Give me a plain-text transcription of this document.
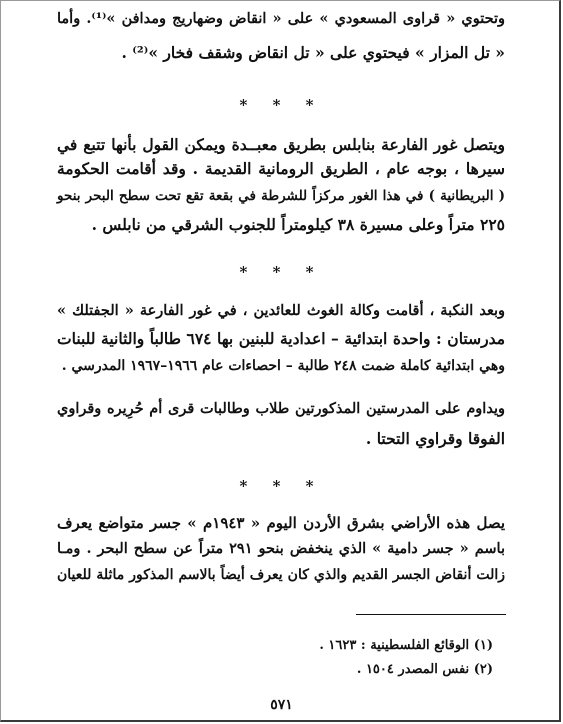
وتحتوي « قراوى المسعودي » على « انقاض وضهاريج ومدافن »⁽¹⁾. وأما
« تل المزار » فيحتوي على « تل انقاض وشقف فخار »⁽²⁾ .
* * *
ويتصل غور الفارعة بنابلس بطريق معبــدة ويمكن القول بأنها تتبع في
سيرها ، بوجه عام ، الطريق الرومانية القديمة . وقد أقامت الحكومة
( البريطانية ) في هذا الغور مركزاً للشرطة في بقعة تقع تحت سطح البحر بنحو
٢٢٥ متراً وعلى مسيرة ٣٨ كيلومتراً للجنوب الشرقي من نابلس .
* * *
وبعد النكبة ، أقامت وكالة الغوث للعائدين ، في غور الفارعة « الجفتلك »
مدرستان : واحدة ابتدائية – اعدادية للبنين بها ٦٧٤ طالباً والثانية للبنات
وهي ابتدائية كاملة ضمت ٢٤٨ طالبة – احصاءات عام ١٩٦٦–١٩٦٧ المدرسي .
ويداوم على المدرستين المذكورتين طلاب وطالبات قرى أم حُرِيره وقراوي
الفوقا وقراوي التحتا .
* * *
يصل هذه الأراضي بشرق الأردن اليوم « ١٩٤٣م » جسر متواضع يعرف
باسم « جسر دامية » الذي ينخفض بنحو ٢٩١ متراً عن سطح البحر . ومـا
زالت أنقاض الجسر القديم والذي كان يعرف أيضاً بالاسم المذكور ماثلة للعيان
(١) الوقائع الفلسطينية : ١٦٢٣ .
(٢) نفس المصدر ١٥٠٤ .
٥٧١
